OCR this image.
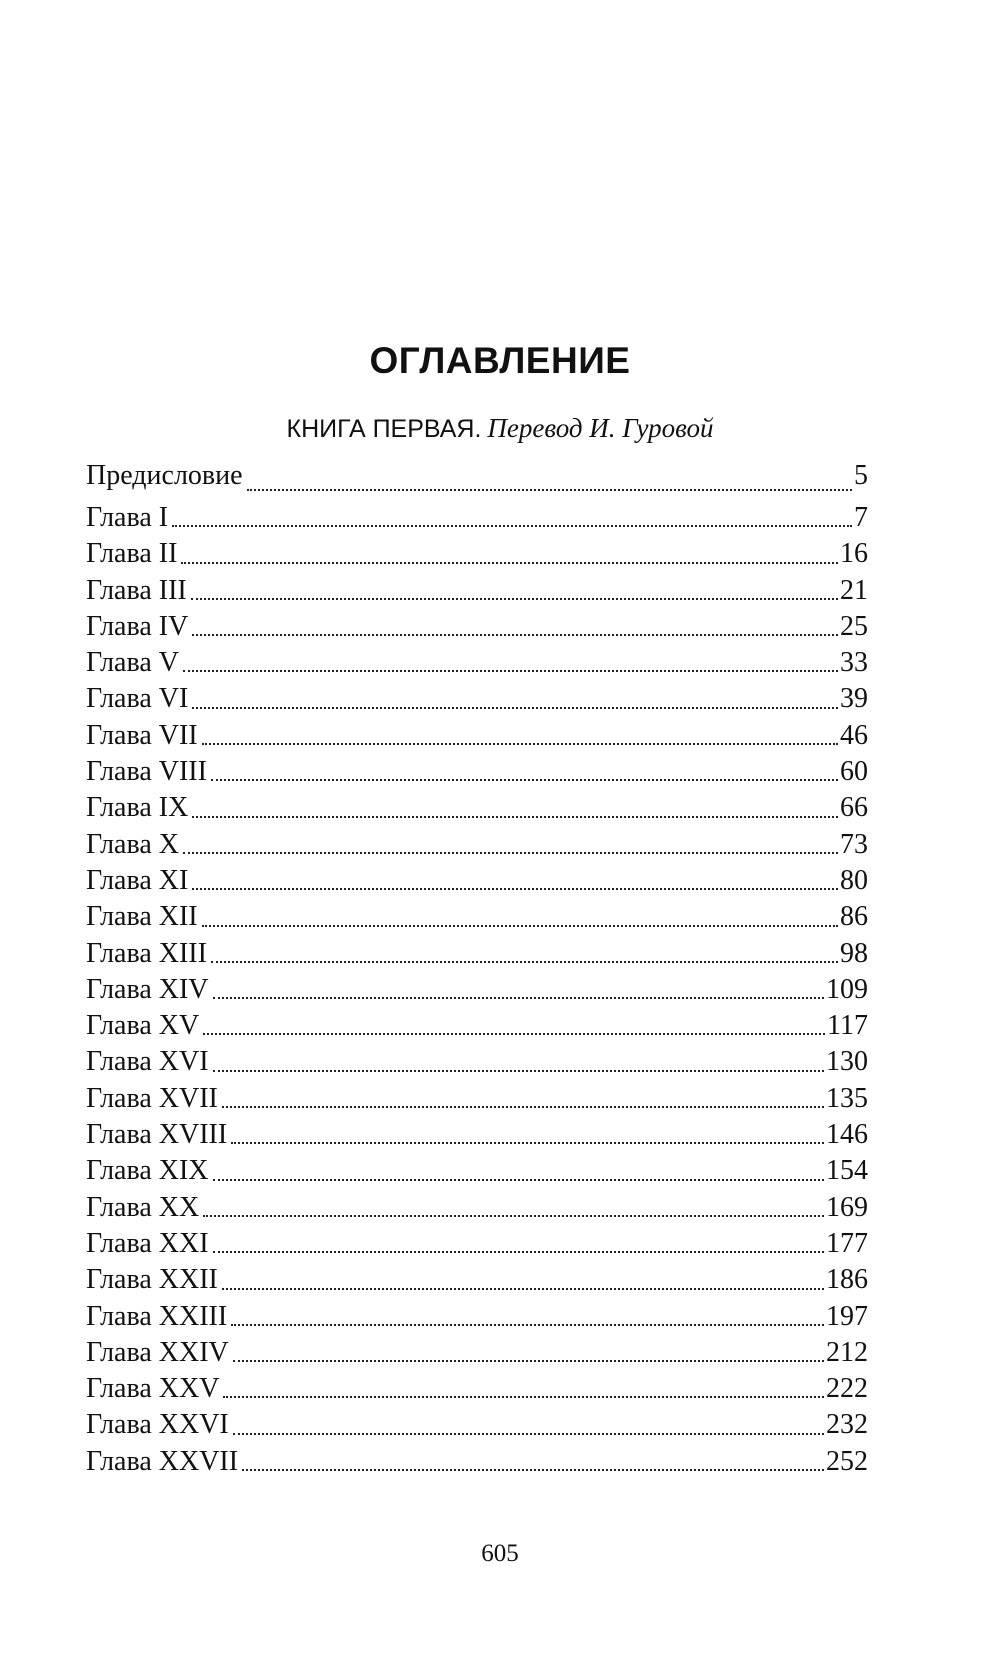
ОГЛАВЛЕНИЕ
КНИГА ПЕРВАЯ. Перевод И. Гуровой
Предисловие	5
Глава I	7
Глава II	16
Глава III	21
Глава IV	25
Глава V	33
Глава VI	39
Глава VII	46
Глава VIII	60
Глава IX	66
Глава X	73
Глава XI	80
Глава XII	86
Глава XIII	98
Глава XIV	109
Глава XV	117
Глава XVI	130
Глава XVII	135
Глава XVIII	146
Глава XIX	154
Глава XX	169
Глава XXI	177
Глава XXII	186
Глава XXIII	197
Глава XXIV	212
Глава XXV	222
Глава XXVI	232
Глава XXVII	252
605
